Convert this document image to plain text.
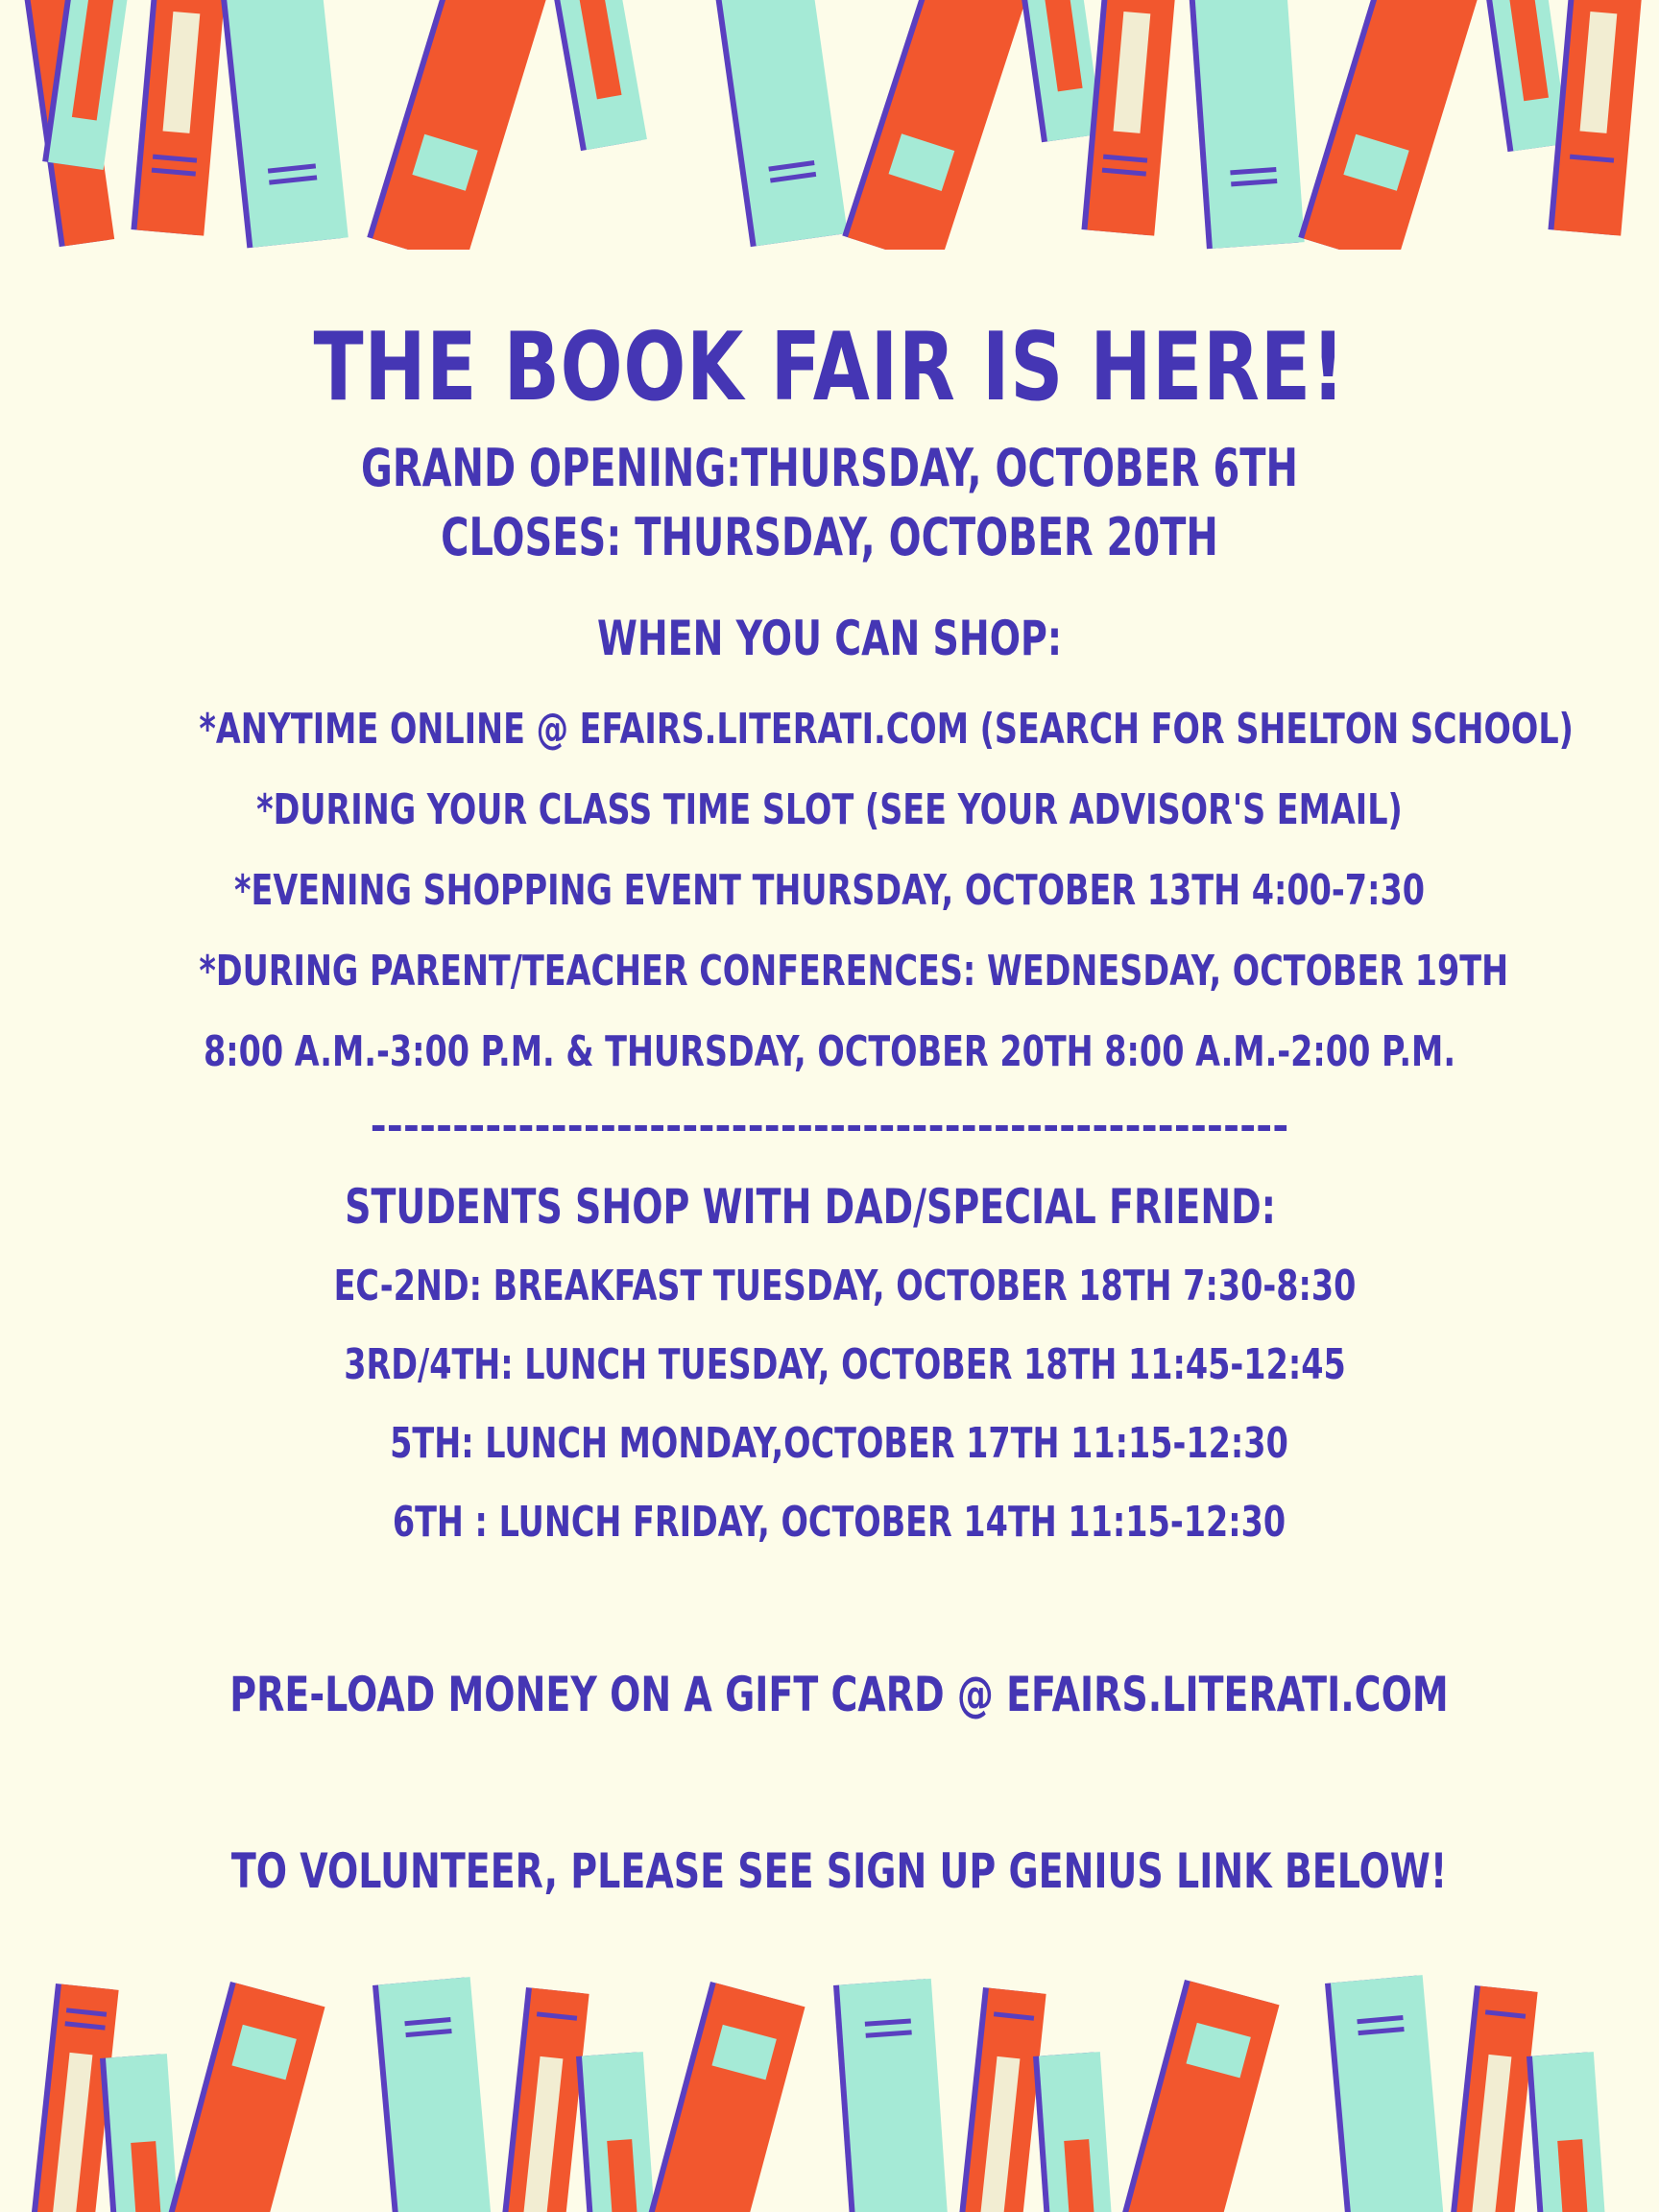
THE BOOK FAIR IS HERE!
GRAND OPENING:THURSDAY, OCTOBER 6TH
CLOSES: THURSDAY, OCTOBER 20TH
WHEN YOU CAN SHOP:
*ANYTIME ONLINE @ EFAIRS.LITERATI.COM (SEARCH FOR SHELTON SCHOOL)
*DURING YOUR CLASS TIME SLOT (SEE YOUR ADVISOR'S EMAIL)
*EVENING SHOPPING EVENT THURSDAY, OCTOBER 13TH 4:00-7:30
*DURING PARENT/TEACHER CONFERENCES: WEDNESDAY, OCTOBER 19TH
8:00 A.M.-3:00 P.M. & THURSDAY, OCTOBER 20TH 8:00 A.M.-2:00 P.M.
--------------------------------------------------------
STUDENTS SHOP WITH DAD/SPECIAL FRIEND:
EC-2ND: BREAKFAST TUESDAY, OCTOBER 18TH 7:30-8:30
3RD/4TH: LUNCH TUESDAY, OCTOBER 18TH 11:45-12:45
5TH: LUNCH MONDAY,OCTOBER 17TH 11:15-12:30
6TH : LUNCH FRIDAY, OCTOBER 14TH 11:15-12:30
PRE-LOAD MONEY ON A GIFT CARD @ EFAIRS.LITERATI.COM
TO VOLUNTEER, PLEASE SEE SIGN UP GENIUS LINK BELOW!
